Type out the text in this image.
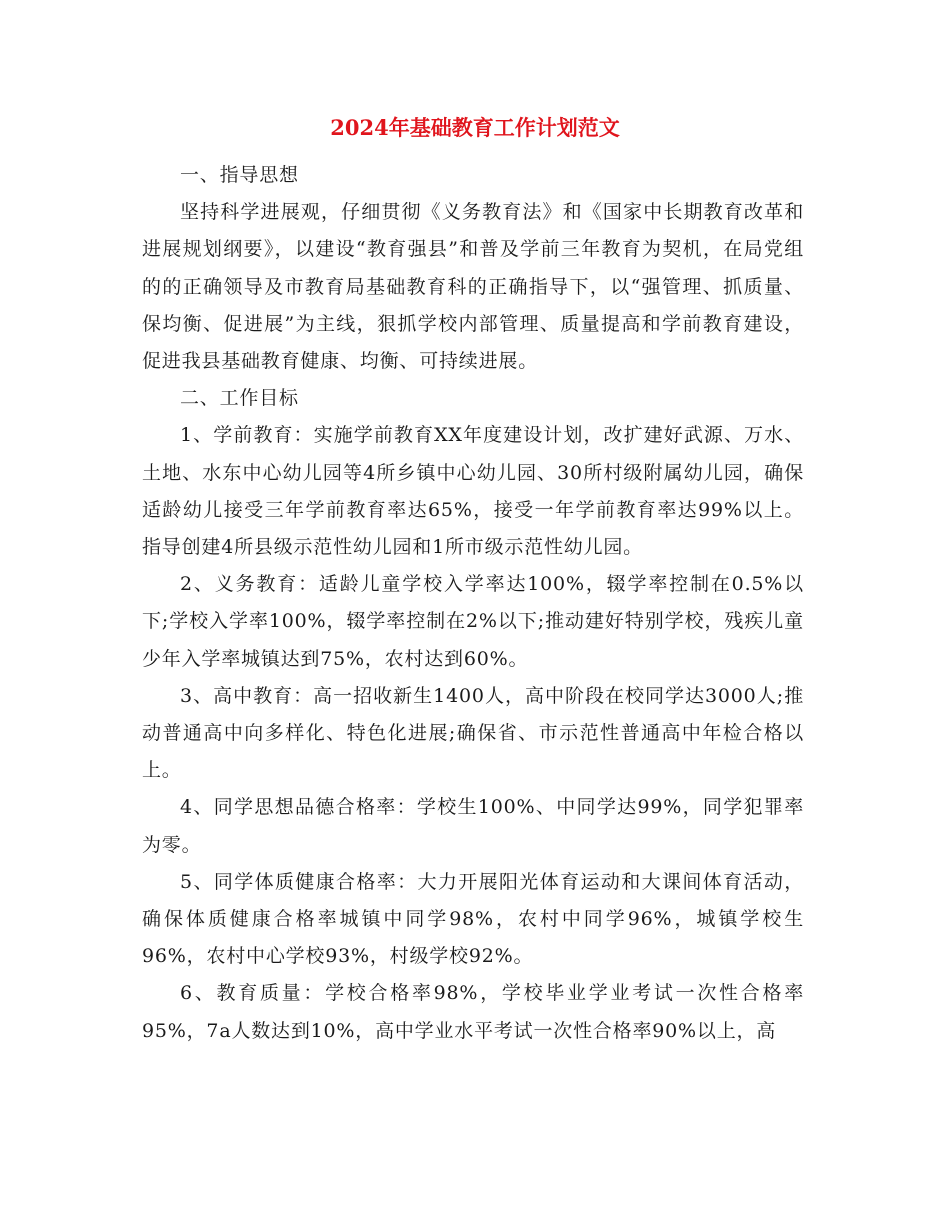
2024年基础教育工作计划范文

一、指导思想

坚持科学进展观，仔细贯彻《义务教育法》和《国家中长期教育改革和进展规划纲要》，以建设“教育强县”和普及学前三年教育为契机，在局党组的的正确领导及市教育局基础教育科的正确指导下，以“强管理、抓质量、保均衡、促进展”为主线，狠抓学校内部管理、质量提高和学前教育建设，促进我县基础教育健康、均衡、可持续进展。

二、工作目标

1、学前教育：实施学前教育XX年度建设计划，改扩建好武源、万水、土地、水东中心幼儿园等4所乡镇中心幼儿园、30所村级附属幼儿园，确保适龄幼儿接受三年学前教育率达65%，接受一年学前教育率达99%以上。指导创建4所县级示范性幼儿园和1所市级示范性幼儿园。

2、义务教育：适龄儿童学校入学率达100%，辍学率控制在0.5%以下;学校入学率100%，辍学率控制在2%以下;推动建好特别学校，残疾儿童少年入学率城镇达到75%，农村达到60%。

3、高中教育：高一招收新生1400人，高中阶段在校同学达3000人;推动普通高中向多样化、特色化进展;确保省、市示范性普通高中年检合格以上。

4、同学思想品德合格率：学校生100%、中同学达99%，同学犯罪率为零。

5、同学体质健康合格率：大力开展阳光体育运动和大课间体育活动，确保体质健康合格率城镇中同学98%，农村中同学96%，城镇学校生96%，农村中心学校93%，村级学校92%。

6、教育质量：学校合格率98%，学校毕业学业考试一次性合格率95%，7a人数达到10%，高中学业水平考试一次性合格率90%以上，高
